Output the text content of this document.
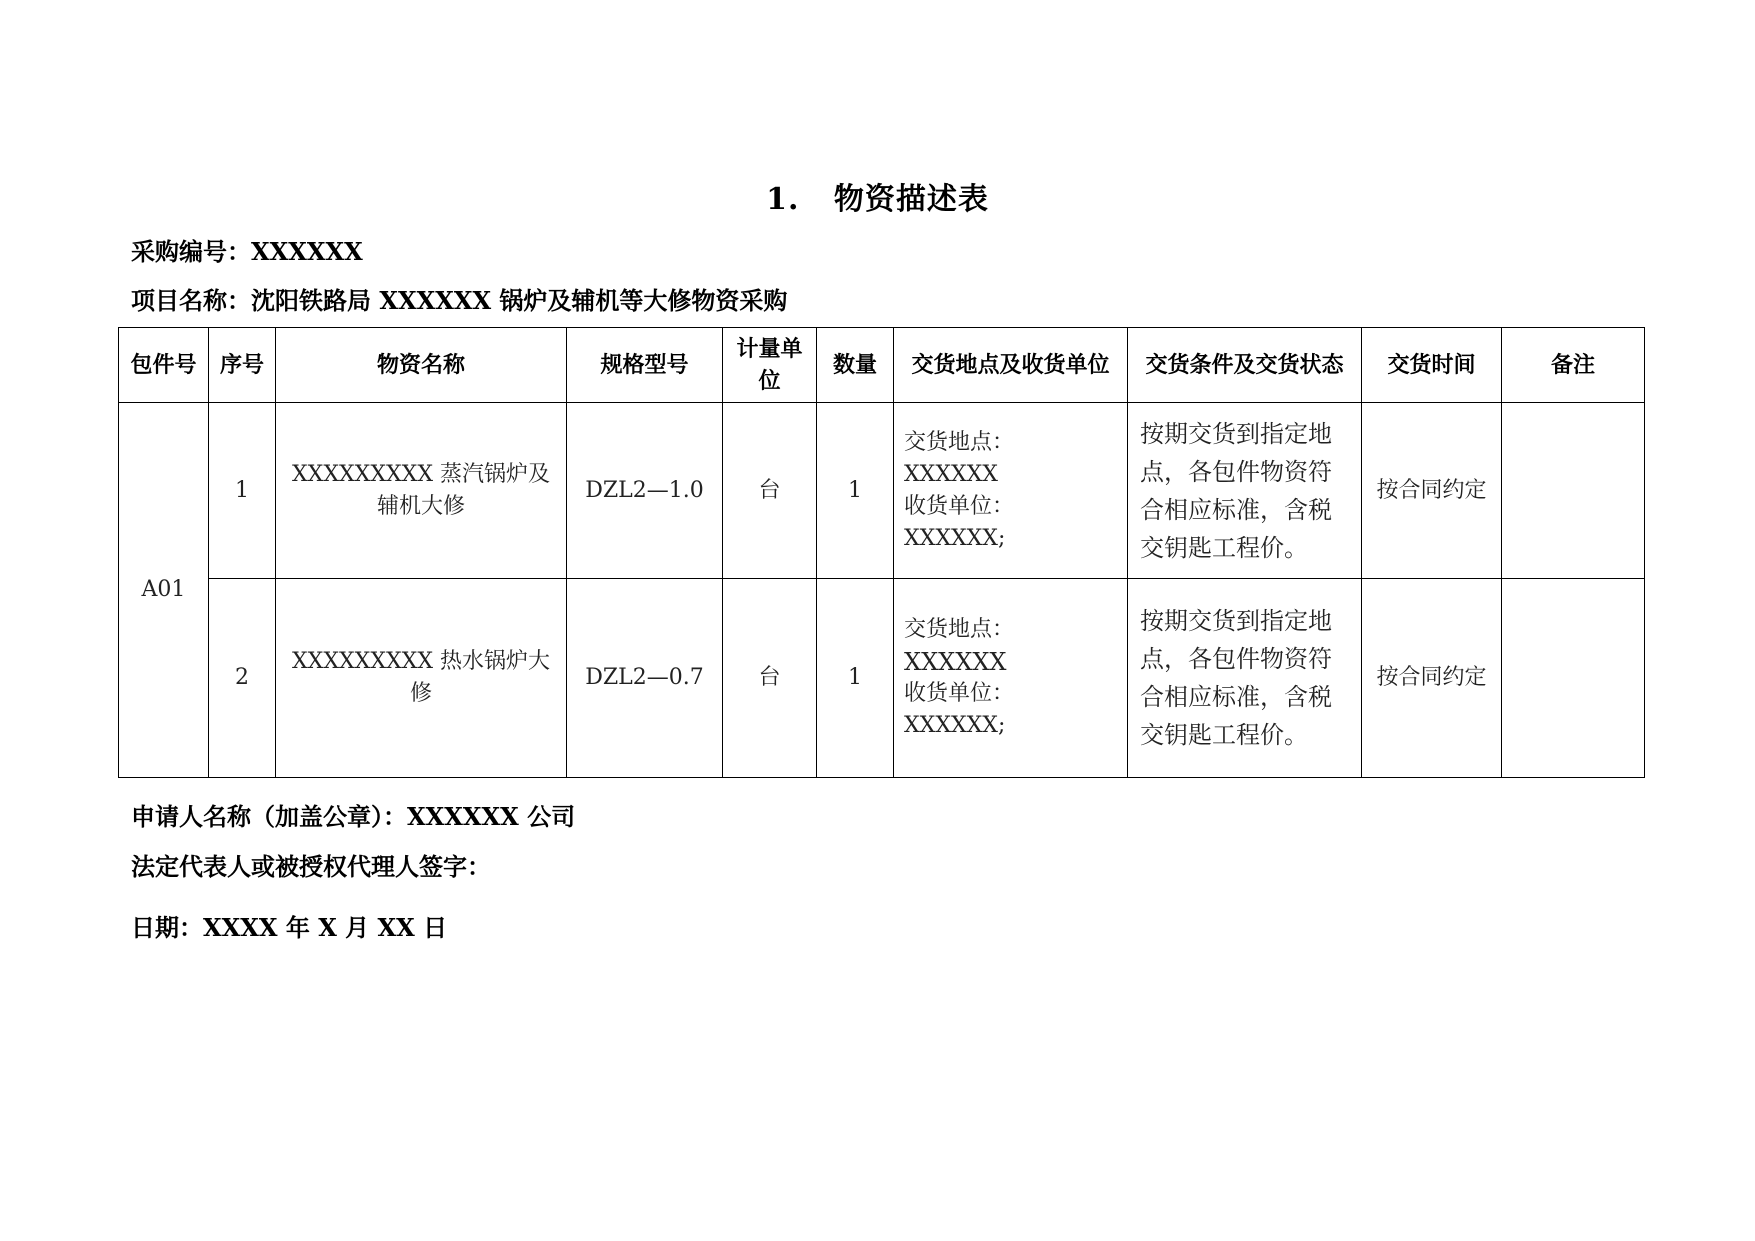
1.   物资描述表
采购编号：XXXXXX
项目名称：沈阳铁路局 XXXXXX 锅炉及辅机等大修物资采购
包件号	序号	物资名称	规格型号	计量单位	数量	交货地点及收货单位	交货条件及交货状态	交货时间	备注
A01	1	XXXXXXXXX 蒸汽锅炉及辅机大修	DZL2—1.0	台	1	交货地点：
XXXXXX
收货单位：
XXXXXX;	按期交货到指定地点，各包件物资符合相应标准，含税交钥匙工程价。	按合同约定	
	2	XXXXXXXXX 热水锅炉大修	DZL2—0.7	台	1	交货地点：
XXXXXX
收货单位：
XXXXXX;	按期交货到指定地点，各包件物资符合相应标准，含税交钥匙工程价。	按合同约定	
申请人名称（加盖公章）：XXXXXX 公司
法定代表人或被授权代理人签字：
日期：XXXX 年 X 月 XX 日
